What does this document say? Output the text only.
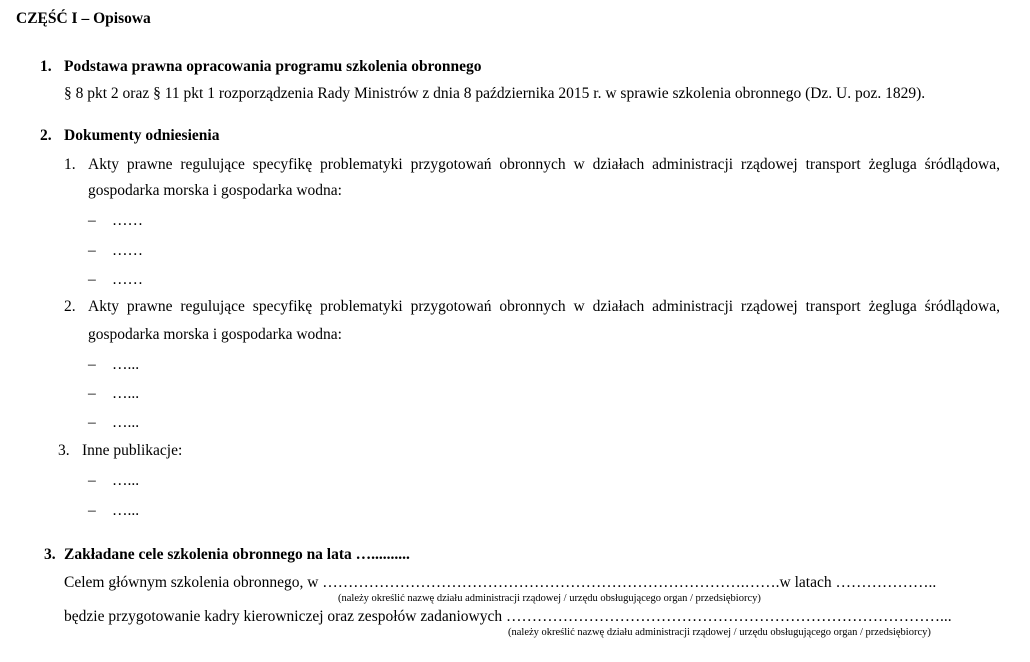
CZĘŚĆ I – Opisowa
1. Podstawa prawna opracowania programu szkolenia obronnego
§ 8 pkt 2 oraz § 11 pkt 1 rozporządzenia Rady Ministrów z dnia 8 października 2015 r. w sprawie szkolenia obronnego (Dz. U. poz. 1829).
2. Dokumenty odniesienia
1. Akty prawne regulujące specyfikę problematyki przygotowań obronnych w działach administracji rządowej transport żegluga śródlądowa,
gospodarka morska i gospodarka wodna:
– ……
– ……
– ……
2. Akty prawne regulujące specyfikę problematyki przygotowań obronnych w działach administracji rządowej transport żegluga śródlądowa,
gospodarka morska i gospodarka wodna:
– …...
– …...
– …...
3. Inne publikacje:
– …...
– …...
3. Zakładane cele szkolenia obronnego na lata …..........
Celem głównym szkolenia obronnego, w ……………………………………………………………………….…….w latach ………………..
(należy określić nazwę działu administracji rządowej / urzędu obsługującego organ / przedsiębiorcy)
będzie przygotowanie kadry kierowniczej oraz zespołów zadaniowych …………………………………………………………………………...
(należy określić nazwę działu administracji rządowej / urzędu obsługującego organ / przedsiębiorcy)
